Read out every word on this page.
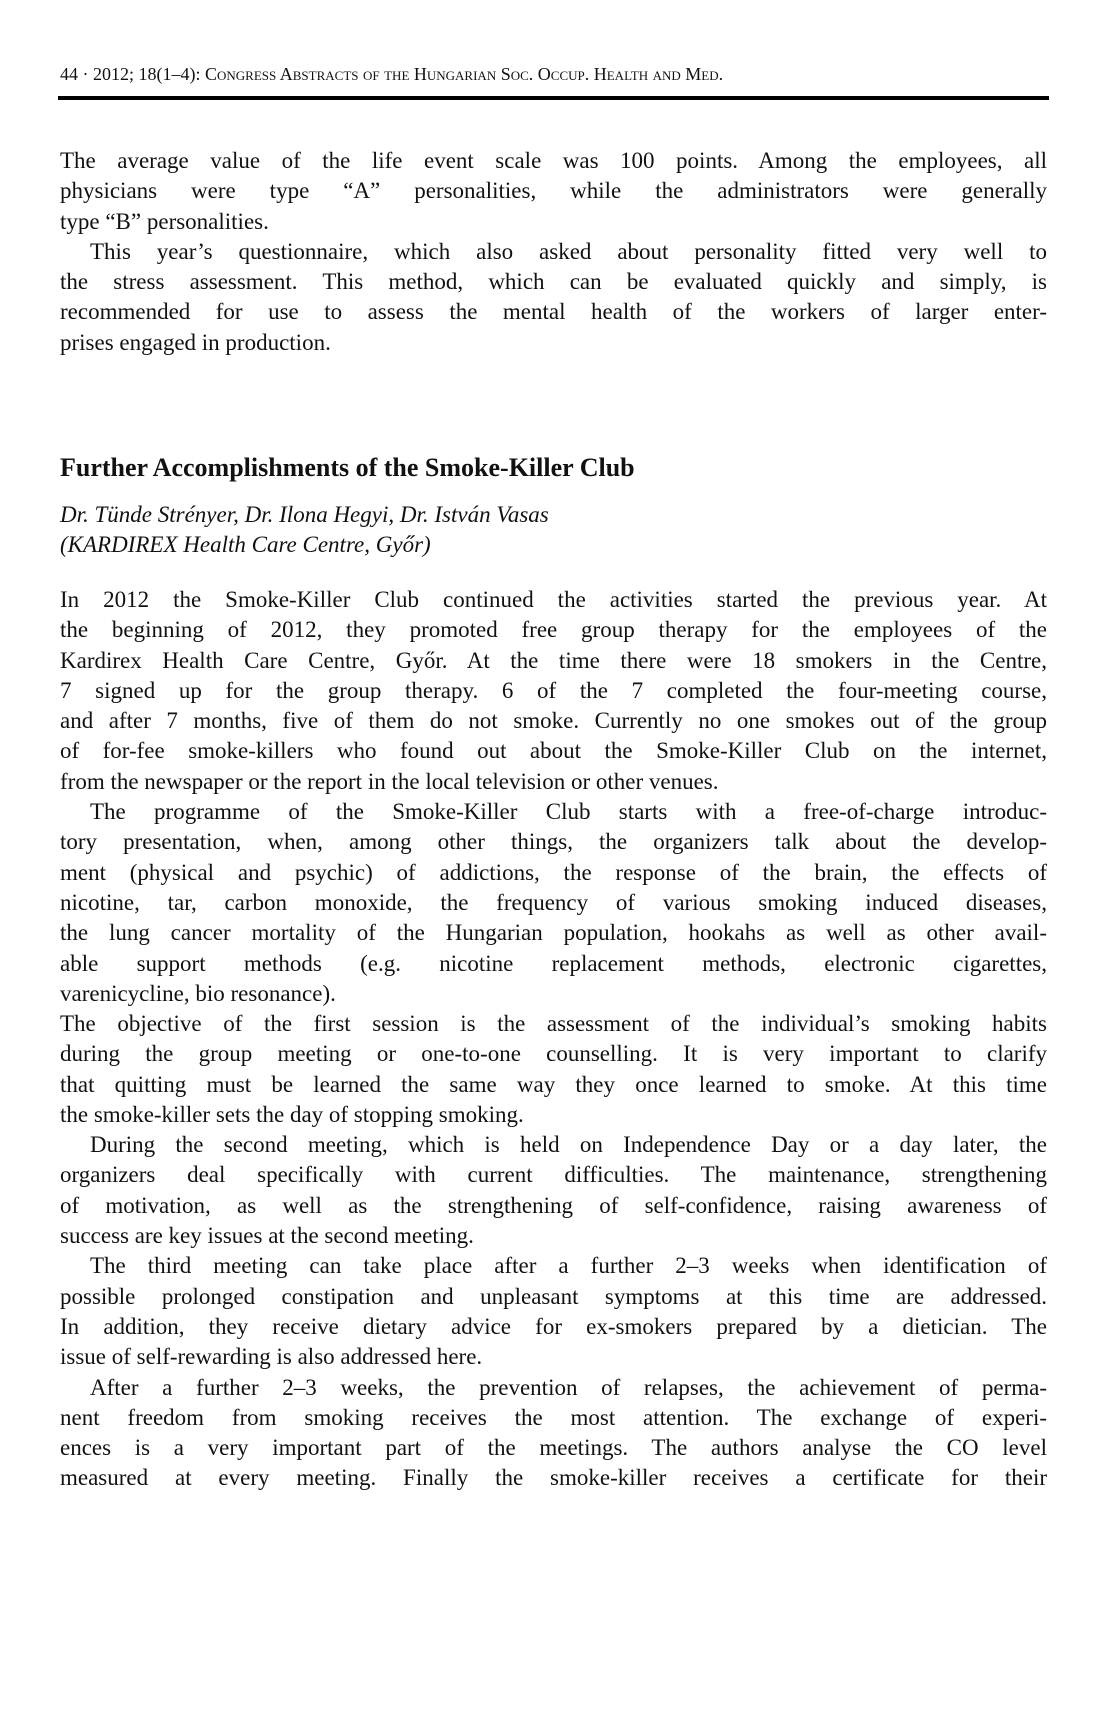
44 · 2012; 18(1–4): Congress Abstracts of the Hungarian Soc. Occup. Health and Med.
The average value of the life event scale was 100 points. Among the employees, all
physicians were type “A” personalities, while the administrators were generally
type “B” personalities.
This year’s questionnaire, which also asked about personality fitted very well to
the stress assessment. This method, which can be evaluated quickly and simply, is
recommended for use to assess the mental health of the workers of larger enter-
prises engaged in production.
Further Accomplishments of the Smoke-Killer Club
Dr. Tünde Strényer, Dr. Ilona Hegyi, Dr. István Vasas
(KARDIREX Health Care Centre, Győr)
In 2012 the Smoke-Killer Club continued the activities started the previous year. At
the beginning of 2012, they promoted free group therapy for the employees of the
Kardirex Health Care Centre, Győr. At the time there were 18 smokers in the Centre,
7 signed up for the group therapy. 6 of the 7 completed the four-meeting course,
and after 7 months, five of them do not smoke. Currently no one smokes out of the group
of for-fee smoke-killers who found out about the Smoke-Killer Club on the internet,
from the newspaper or the report in the local television or other venues.
The programme of the Smoke-Killer Club starts with a free-of-charge introduc-
tory presentation, when, among other things, the organizers talk about the develop-
ment (physical and psychic) of addictions, the response of the brain, the effects of
nicotine, tar, carbon monoxide, the frequency of various smoking induced diseases,
the lung cancer mortality of the Hungarian population, hookahs as well as other avail-
able support methods (e.g. nicotine replacement methods, electronic cigarettes,
varenicycline, bio resonance).
The objective of the first session is the assessment of the individual’s smoking habits
during the group meeting or one-to-one counselling. It is very important to clarify
that quitting must be learned the same way they once learned to smoke. At this time
the smoke-killer sets the day of stopping smoking.
During the second meeting, which is held on Independence Day or a day later, the
organizers deal specifically with current difficulties. The maintenance, strengthening
of motivation, as well as the strengthening of self-confidence, raising awareness of
success are key issues at the second meeting.
The third meeting can take place after a further 2–3 weeks when identification of
possible prolonged constipation and unpleasant symptoms at this time are addressed.
In addition, they receive dietary advice for ex-smokers prepared by a dietician. The
issue of self-rewarding is also addressed here.
After a further 2–3 weeks, the prevention of relapses, the achievement of perma-
nent freedom from smoking receives the most attention. The exchange of experi-
ences is a very important part of the meetings. The authors analyse the CO level
measured at every meeting. Finally the smoke-killer receives a certificate for their
